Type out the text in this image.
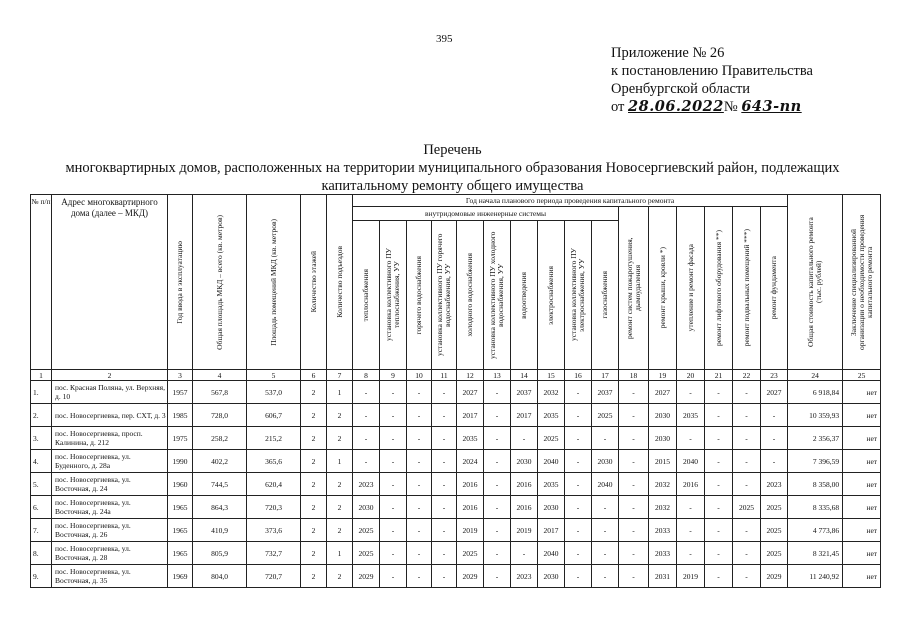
395
Приложение № 26
к постановлению Правительства
Оренбургской области
от 28.06.2022№ 643-пп
Перечень
многоквартирных домов, расположенных на территории муниципального образования Новосергиевский район, подлежащих
капитальному ремонту общего имущества
№ п/п	Адрес многоквартирного дома (далее – МКД)	Год ввода в эксплуатацию	Общая площадь МКД – всего (кв. метров)	Площадь помещений МКД (кв. метров)	Количество этажей	Количество подъездов	Год начала планового периода проведения капитального ремонта																Общая стоимость капитального ремонта (тыс. рублей)	Заключение специализированной организации о необходимости проведения капитального ремонта

							внутридомовые инженерные системы										ремонт систем пожаротушения, дымоудаления	ремонт крыши, кровли *)	утепление и ремонт фасада	ремонт лифтового оборудования **)	ремонт подвальных помещений ***)	ремонт фундамента		

							теплоснабжения	установка коллективного ПУ теплоснабжения, УУ	горячего водоснабжения	установка коллективного ПУ горячего водоснабжения, УУ	холодного водоснабжения	установка коллективного ПУ холодного водоснабжения, УУ	водоотведения	электроснабжения	установка коллективного ПУ электроснабжения, УУ	газоснабжения								

1	2	3	4	5	6	7	8	9	10	11	12	13	14	15	16	17	18	19	20	21	22	23	24	25
1.	пос. Красная Поляна, ул. Верхняя, д. 10	1957	567,8	537,0	2	1	-	-	-	-	2027	-	2037	2032	-	2037	-	2027	-	-	-	2027	6 918,84	нет
2.	пос. Новосергиевка, пер. СХТ, д. 3	1985	728,0	606,7	2	2	-	-	-	-	2017	-	2017	2035	-	2025	-	2030	2035	-	-	-	10 359,93	нет
3.	пос. Новосергиевка, просп. Калинина, д. 212	1975	258,2	215,2	2	2	-	-	-	-	2035	-	-	2025	-	-	-	2030	-	-	-	-	2 356,37	нет
4.	пос. Новосергиевка, ул. Буденного, д. 28а	1990	402,2	365,6	2	1	-	-	-	-	2024	-	2030	2040	-	2030	-	2015	2040	-	-	-	7 396,59	нет
5.	пос. Новосергиевка, ул. Восточная, д. 24	1960	744,5	620,4	2	2	2023	-	-	-	2016	-	2016	2035	-	2040	-	2032	2016	-	-	2023	8 358,00	нет
6.	пос. Новосергиевка, ул. Восточная, д. 24а	1965	864,3	720,3	2	2	2030	-	-	-	2016	-	2016	2030	-	-	-	2032	-	-	2025	2025	8 335,68	нет
7.	пос. Новосергиевка, ул. Восточная, д. 26	1965	410,9	373,6	2	2	2025	-	-	-	2019	-	2019	2017	-	-	-	2033	-	-	-	2025	4 773,86	нет
8.	пос. Новосергиевка, ул. Восточная, д. 28	1965	805,9	732,7	2	1	2025	-	-	-	2025	-	-	2040	-	-	-	2033	-	-	-	2025	8 321,45	нет
9.	пос. Новосергиевка, ул. Восточная, д. 35	1969	804,0	720,7	2	2	2029	-	-	-	2029	-	2023	2030	-	-	-	2031	2019	-	-	2029	11 240,92	нет
